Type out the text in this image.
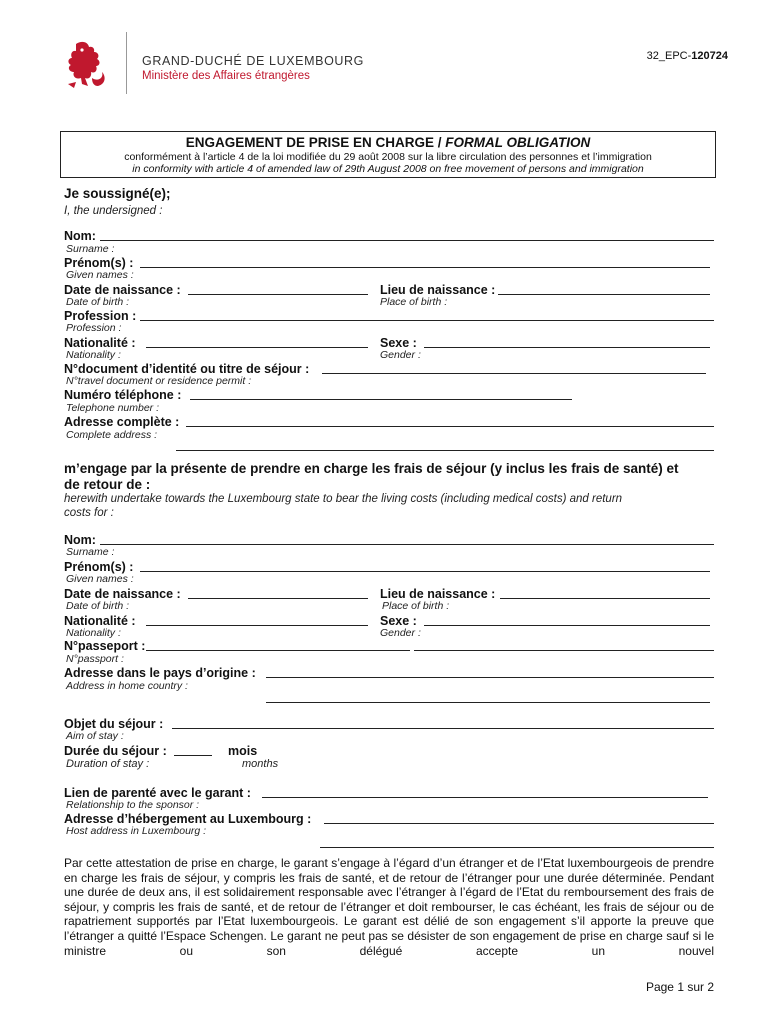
GRAND-DUCHÉ DE LUXEMBOURG
Ministère des Affaires étrangères
32_EPC-120724
ENGAGEMENT DE PRISE EN CHARGE / FORMAL OBLIGATION
conformément à l’article 4 de la loi modifiée du 29 août 2008 sur la libre circulation des personnes et l’immigration
in conformity with article 4 of amended law of 29th August 2008 on free movement of persons and immigration
Je soussigné(e);
I, the undersigned :
Nom:
Surname :
Prénom(s) :
Given names :
Date de naissance :	Lieu de naissance :
Date of birth :	Place of birth :
Profession :
Profession :
Nationalité :	Sexe :
Nationality :	Gender :
N°document d’identité ou titre de séjour :
N°travel document or residence permit :
Numéro téléphone :
Telephone number :
Adresse complète :
Complete address :
m’engage par la présente de prendre en charge les frais de séjour (y inclus les frais de santé) et
de retour de :
herewith undertake towards the Luxembourg state to bear the living costs (including medical costs) and return
costs for :
Nom:
Surname :
Prénom(s) :
Given names :
Date de naissance :	Lieu de naissance :
Date of birth :	Place of birth :
Nationalité :	Sexe :
Nationality :	Gender :
N°passeport :
N°passport :
Adresse dans le pays d’origine :
Address in home country :
Objet du séjour :
Aim of stay :
Durée du séjour :	mois
Duration of stay :	months
Lien de parenté avec le garant :
Relationship to the sponsor :
Adresse d’hébergement au Luxembourg :
Host address in Luxembourg :
Par cette attestation de prise en charge, le garant s’engage à l’égard d’un étranger et de l’Etat luxembourgeois de prendre en charge les frais de séjour, y compris les frais de santé, et de retour de l’étranger pour une durée déterminée. Pendant une durée de deux ans, il est solidairement responsable avec l’étranger à l’égard de l’Etat du remboursement des frais de séjour, y compris les frais de santé, et de retour de l’étranger et doit rembourser, le cas échéant, les frais de séjour ou de rapatriement supportés par l’Etat luxembourgeois. Le garant est délié de son engagement s’il apporte la preuve que l’étranger a quitté l’Espace Schengen. Le garant ne peut pas se désister de son engagement de prise en charge sauf si le ministre ou son délégué accepte un nouvel
Page 1 sur 2
